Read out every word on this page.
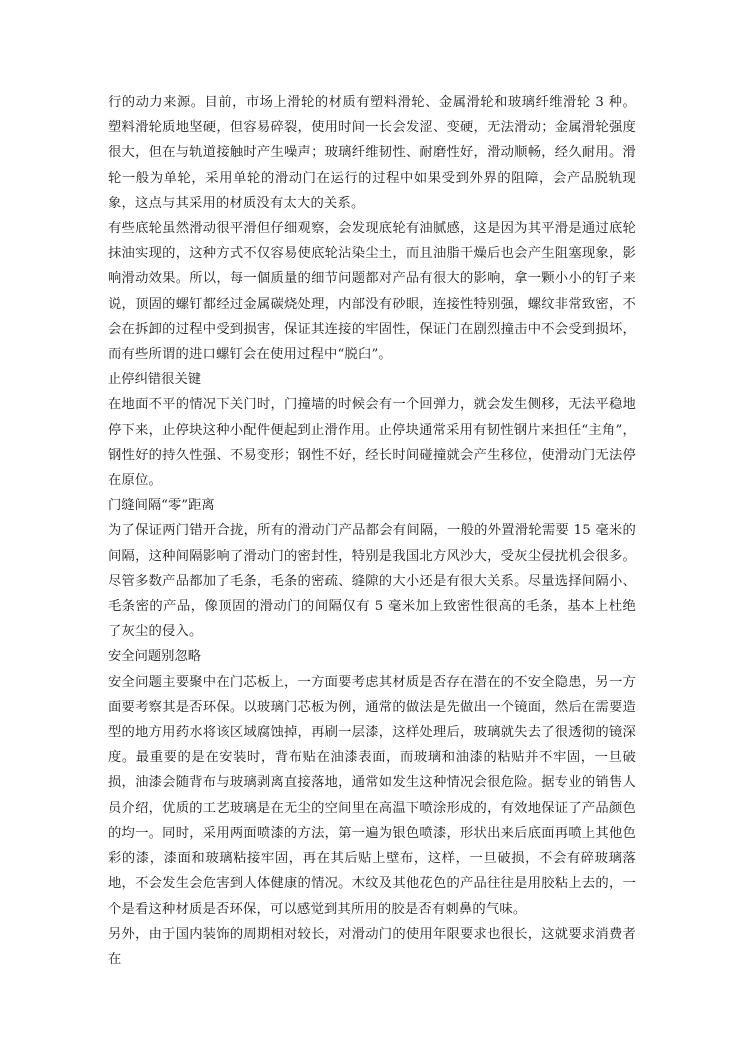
行的动力来源。目前，市场上滑轮的材质有塑料滑轮、金属滑轮和玻璃纤维滑轮 3 种。塑料滑轮质地坚硬，但容易碎裂，使用时间一长会发涩、变硬，无法滑动；金属滑轮强度很大，但在与轨道接触时产生噪声；玻璃纤维韧性、耐磨性好，滑动顺畅，经久耐用。滑轮一般为单轮，采用单轮的滑动门在运行的过程中如果受到外界的阻障，会产品脱轨现象，这点与其采用的材质没有太大的关系。

有些底轮虽然滑动很平滑但仔细观察，会发现底轮有油腻感，这是因为其平滑是通过底轮抹油实现的，这种方式不仅容易使底轮沾染尘土，而且油脂干燥后也会产生阻塞现象，影响滑动效果。所以，每一個质量的细节问题都对产品有很大的影响，拿一颗小小的钉子来说，顶固的螺钉都经过金属碳烧处理，内部没有砂眼，连接性特别强，螺纹非常致密，不会在拆卸的过程中受到损害，保证其连接的牢固性，保证门在剧烈撞击中不会受到损坏，而有些所谓的进口螺钉会在使用过程中“脱臼”。

止停纠错很关键

在地面不平的情况下关门时，门撞墙的时候会有一个回弹力，就会发生侧移，无法平稳地停下来，止停块这种小配件便起到止滑作用。止停块通常采用有韧性钢片来担任“主角”，钢性好的持久性强、不易变形；钢性不好，经长时间碰撞就会产生移位，使滑动门无法停在原位。

门缝间隔“零”距离

为了保证两门错开合拢，所有的滑动门产品都会有间隔，一般的外置滑轮需要 15 毫米的间隔，这种间隔影响了滑动门的密封性，特别是我国北方风沙大，受灰尘侵扰机会很多。尽管多数产品都加了毛条，毛条的密疏、缝隙的大小还是有很大关系。尽量选择间隔小、毛条密的产品，像顶固的滑动门的间隔仅有 5 毫米加上致密性很高的毛条，基本上杜绝了灰尘的侵入。

安全问题别忽略

安全问题主要聚中在门芯板上，一方面要考虑其材质是否存在潜在的不安全隐患，另一方面要考察其是否环保。以玻璃门芯板为例，通常的做法是先做出一个镜面，然后在需要造型的地方用药水将该区域腐蚀掉，再刷一层漆，这样处理后，玻璃就失去了很透彻的镜深度。最重要的是在安装时，背布贴在油漆表面，而玻璃和油漆的粘贴并不牢固，一旦破损，油漆会随背布与玻璃剥离直接落地，通常如发生这种情况会很危险。据专业的销售人员介绍，优质的工艺玻璃是在无尘的空间里在高温下喷涂形成的，有效地保证了产品颜色的均一。同时，采用两面喷漆的方法，第一遍为银色喷漆，形状出来后底面再喷上其他色彩的漆，漆面和玻璃粘接牢固，再在其后贴上壁布，这样，一旦破损，不会有碎玻璃落地，不会发生会危害到人体健康的情况。木纹及其他花色的产品往往是用胶粘上去的，一个是看这种材质是否环保，可以感觉到其所用的胶是否有刺鼻的气味。

另外，由于国内装饰的周期相对较长，对滑动门的使用年限要求也很长，这就要求消费者在
